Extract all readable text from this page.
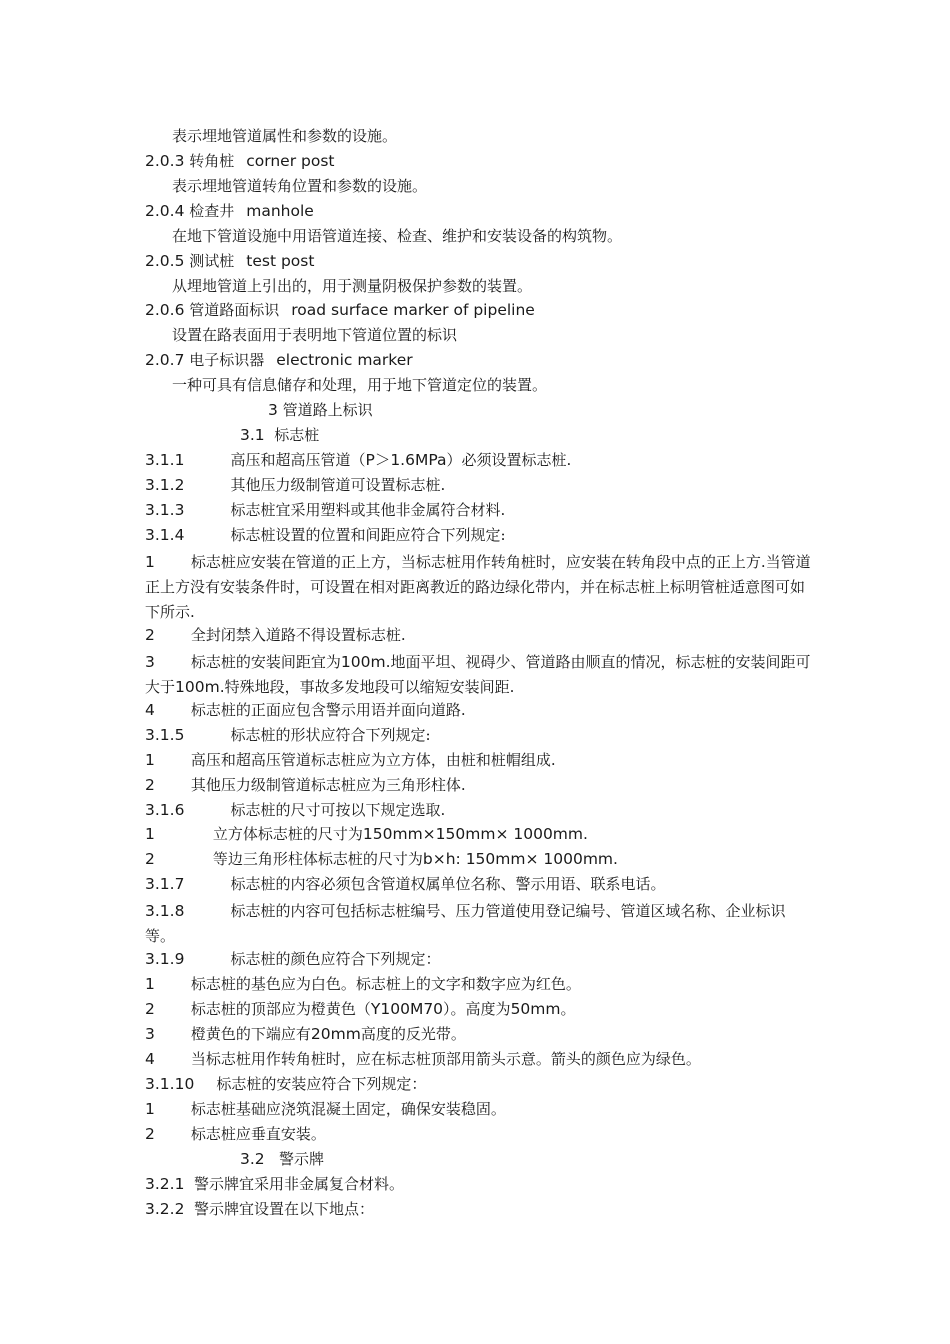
表示埋地管道属性和参数的设施。
2.0.3 转角桩 corner post
表示埋地管道转角位置和参数的设施。
2.0.4 检查井 manhole
在地下管道设施中用语管道连接、检查、维护和安装设备的构筑物。
2.0.5 测试桩 test post
从埋地管道上引出的，用于测量阴极保护参数的装置。
2.0.6 管道路面标识 road surface marker of pipeline
设置在路表面用于表明地下管道位置的标识
2.0.7 电子标识器 electronic marker
一种可具有信息储存和处理，用于地下管道定位的装置。
3 管道路上标识
3.1 标志桩
3.1.1	高压和超高压管道（P＞1.6MPa）必须设置标志桩.
3.1.2	其他压力级制管道可设置标志桩.
3.1.3	标志桩宜采用塑料或其他非金属符合材料.
3.1.4	标志桩设置的位置和间距应符合下列规定:
1 标志桩应安装在管道的正上方，当标志桩用作转角桩时，应安装在转角段中点的正上方.当管道正上方没有安装条件时，可设置在相对距离教近的路边绿化带内，并在标志桩上标明管桩适意图可如下所示.
2 全封闭禁入道路不得设置标志桩.
3 标志桩的安装间距宜为100m.地面平坦、视碍少、管道路由顺直的情况，标志桩的安装间距可大于100m.特殊地段，事故多发地段可以缩短安装间距.
4 标志桩的正面应包含警示用语并面向道路.
3.1.5	标志桩的形状应符合下列规定:
1 高压和超高压管道标志桩应为立方体，由桩和桩帽组成.
2 其他压力级制管道标志桩应为三角形柱体.
3.1.6	标志桩的尺寸可按以下规定选取.
1	立方体标志桩的尺寸为150mm×150mm× 1000mm.
2	等边三角形柱体标志桩的尺寸为b×h: 150mm× 1000mm.
3.1.7	标志桩的内容必须包含管道权属单位名称、警示用语、联系电话。
3.1.8	标志桩的内容可包括标志桩编号、压力管道使用登记编号、管道区域名称、企业标识等。
3.1.9	标志桩的颜色应符合下列规定：
1 标志桩的基色应为白色。标志桩上的文字和数字应为红色。
2 标志桩的顶部应为橙黄色（Y100M70）。高度为50mm。
3 橙黄色的下端应有20mm高度的反光带。
4 当标志桩用作转角桩时，应在标志桩顶部用箭头示意。箭头的颜色应为绿色。
3.1.10 标志桩的安装应符合下列规定：
1 标志桩基础应浇筑混凝土固定，确保安装稳固。
2 标志桩应垂直安装。
3.2 警示牌
3.2.1 警示牌宜采用非金属复合材料。
3.2.2 警示牌宜设置在以下地点：
